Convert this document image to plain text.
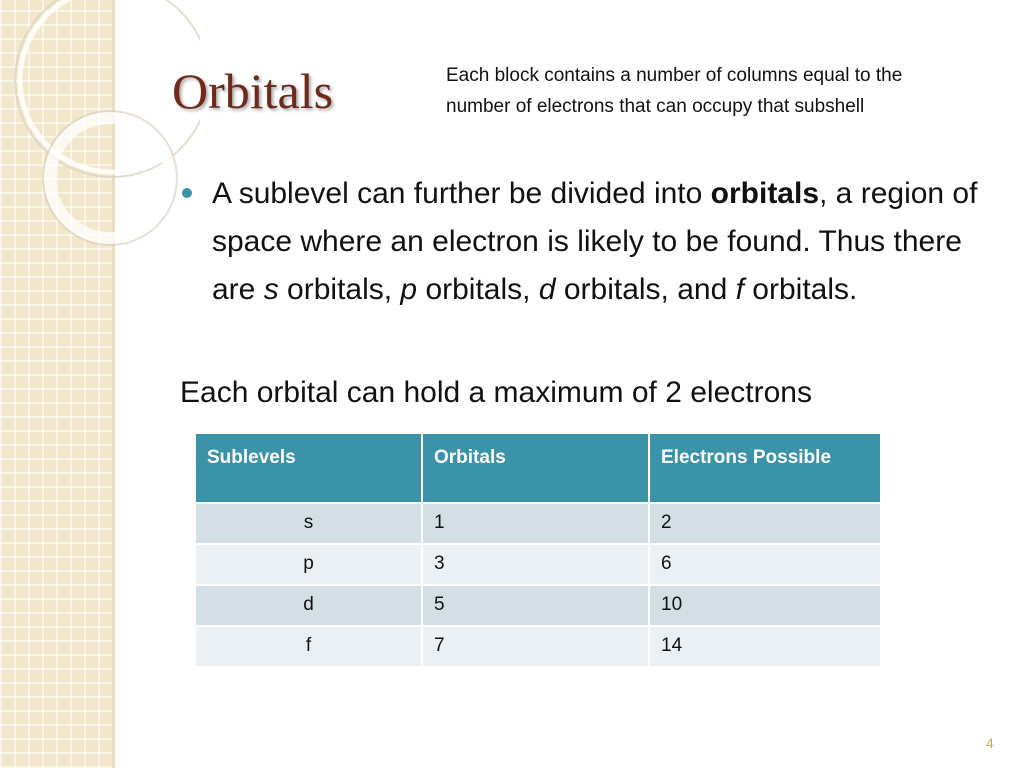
Orbitals	Each block contains a number of columns equal to the number of electrons that can occupy that subshell
A sublevel can further be divided into orbitals, a region of space where an electron is likely to be found. Thus there are s orbitals, p orbitals, d orbitals, and f orbitals.
Each orbital can hold a maximum of 2 electrons
Sublevels	Orbitals	Electrons Possible
s	1	2
p	3	6
d	5	10
f	7	14
4
